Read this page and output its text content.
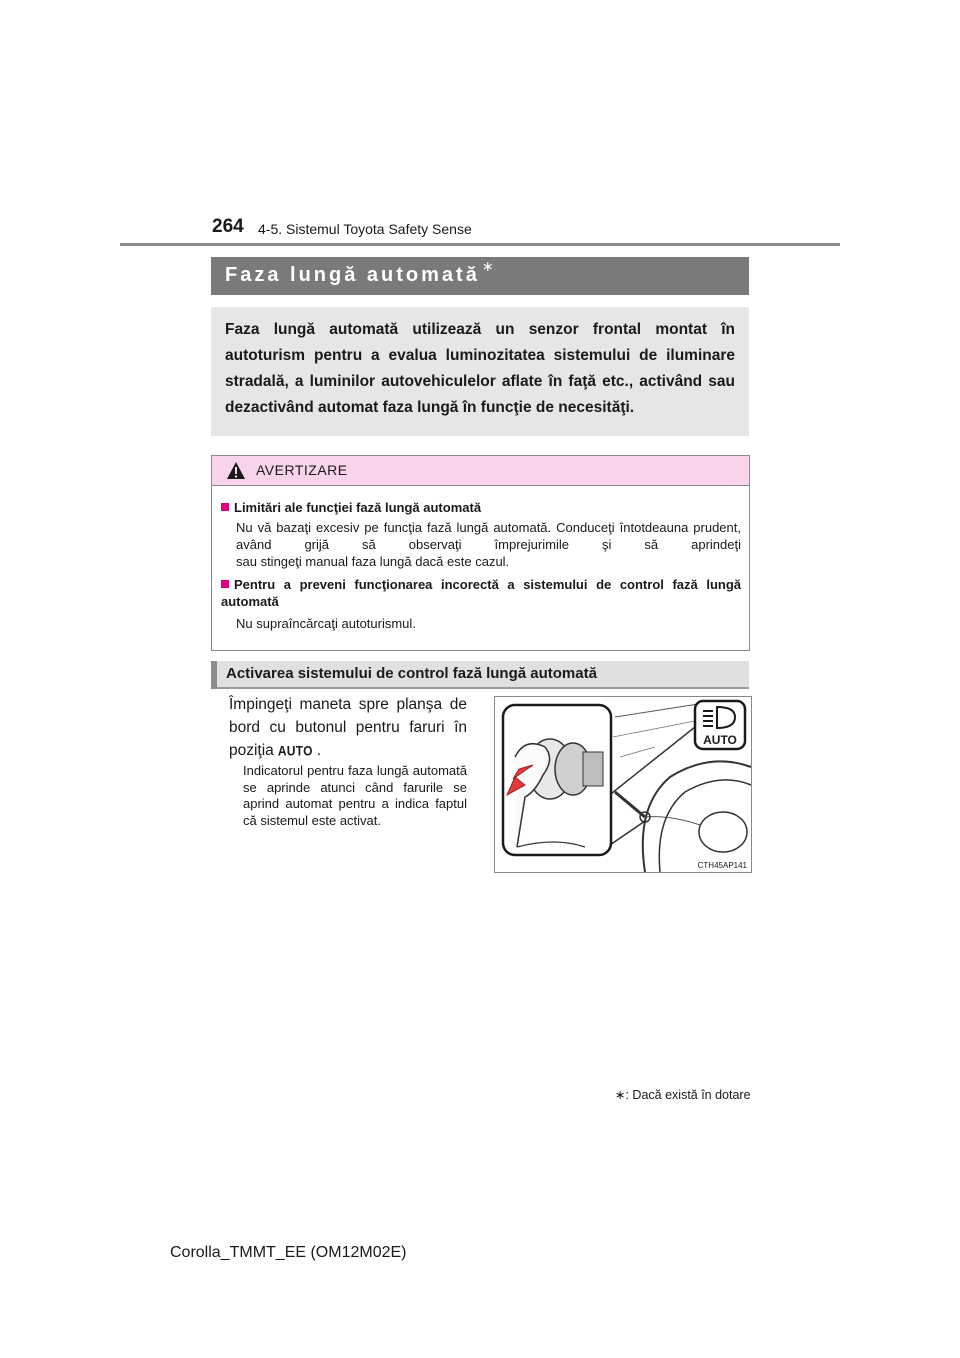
264 4-5. Sistemul Toyota Safety Sense
Faza lungă automată ∗
Faza lungă automată utilizează un senzor frontal montat în autoturism pentru a evalua luminozitatea sistemului de iluminare stradală, a luminilor autovehiculelor aflate în faţă etc., activând sau dezactivând automat faza lungă în funcţie de necesităţi.
AVERTIZARE
Limitări ale funcţiei fază lungă automată
Nu vă bazaţi excesiv pe funcţia fază lungă automată. Conduceţi întotdeauna prudent, având grijă să observaţi împrejurimile şi să aprindeţi
sau stingeţi manual faza lungă dacă este cazul.
Pentru a preveni funcţionarea incorectă a sistemului de control fază lungă automată
Nu supraîncărcaţi autoturismul.
Activarea sistemului de control fază lungă automată
Împingeţi maneta spre planşa de bord cu butonul pentru faruri în poziţia AUTO .
Indicatorul pentru faza lungă automată se aprinde atunci când farurile se aprind automat pentru a indica faptul că sistemul este activat.
AUTO
CTH45AP141
∗: Dacă există în dotare
Corolla_TMMT_EE (OM12M02E)
